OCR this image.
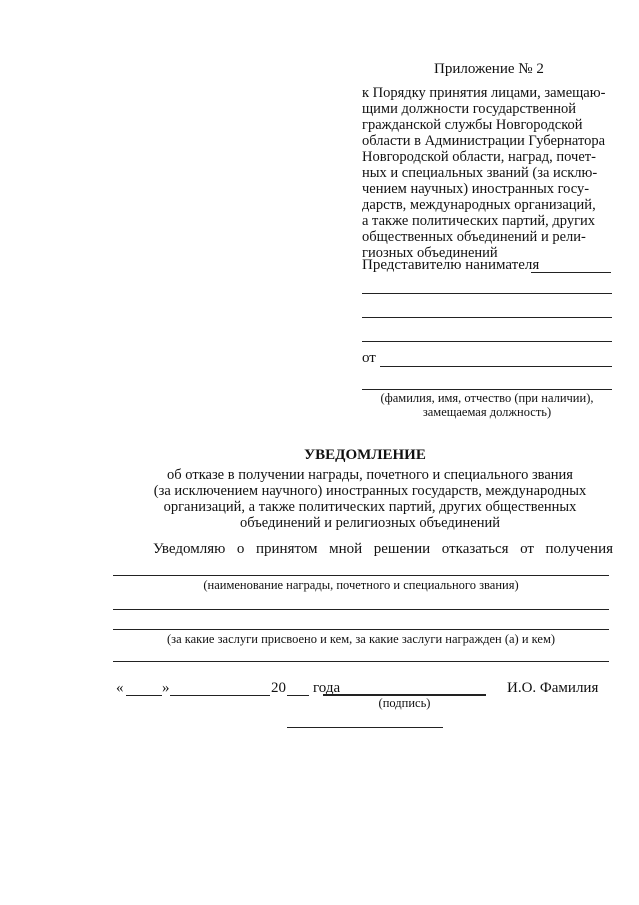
Приложение № 2
к Порядку принятия лицами, замещаю-
щими должности государственной
гражданской службы Новгородской
области в Администрации Губернатора
Новгородской области, наград, почет-
ных и специальных званий (за исклю-
чением научных) иностранных госу-
дарств, международных организаций,
а также политических партий, других
общественных объединений и рели-
гиозных объединений
Представителю нанимателя
от
(фамилия, имя, отчество (при наличии),
замещаемая должность)
УВЕДОМЛЕНИЕ
об отказе в получении награды, почетного и специального звания
(за исключением научного) иностранных государств, международных
организаций, а также политических партий, других общественных
объединений и религиозных объединений
Уведомляю о принятом мной решении отказаться от получения
(наименование награды, почетного и специального звания)
(за какие заслуги присвоено и кем, за какие заслуги награжден (а) и кем)
«	»	20 года
(подпись)
И.О. Фамилия
